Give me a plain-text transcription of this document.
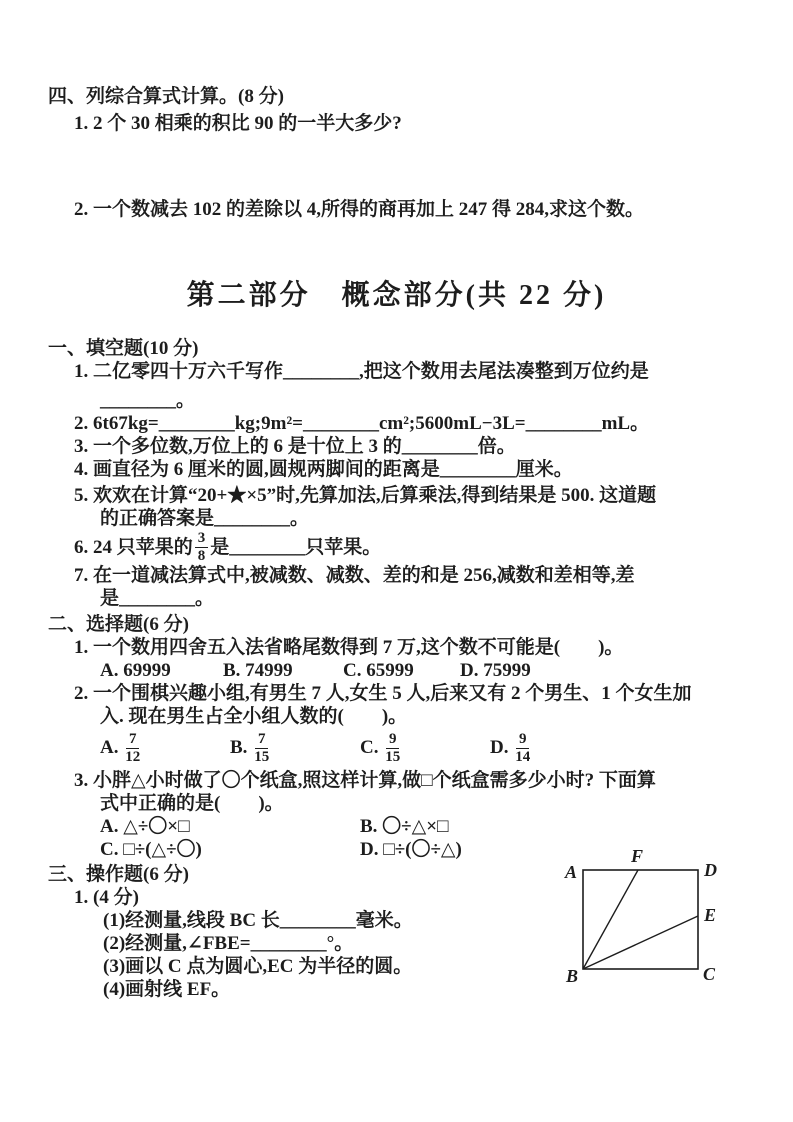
四、列综合算式计算。(8 分)
1. 2 个 30 相乘的积比 90 的一半大多少?
2. 一个数减去 102 的差除以 4,所得的商再加上 247 得 284,求这个数。
第二部分　概念部分(共 22 分)
一、填空题(10 分)
1. 二亿零四十万六千写作________,把这个数用去尾法凑整到万位约是
________。
2. 6t67kg=________kg;9m²=________cm²;5600mL−3L=________mL。
3. 一个多位数,万位上的 6 是十位上 3 的________倍。
4. 画直径为 6 厘米的圆,圆规两脚间的距离是________厘米。
5. 欢欢在计算“20+★×5”时,先算加法,后算乘法,得到结果是 500. 这道题
的正确答案是________。
6. 24 只苹果的 $\frac{3}{8}$ 是________只苹果。
7. 在一道减法算式中,被减数、减数、差的和是 256,减数和差相等,差
是________。
二、选择题(6 分)
1. 一个数用四舍五入法省略尾数得到 7 万,这个数不可能是(　　)。
A. 69999	B. 74999	C. 65999	D. 75999
2. 一个围棋兴趣小组,有男生 7 人,女生 5 人,后来又有 2 个男生、1 个女生加
入. 现在男生占全小组人数的(　　)。
A.
$\frac{7}{12}$	B.
$\frac{7}{15}$	C.
$\frac{9}{15}$	D.
$\frac{9}{14}$
3. 小胖△小时做了〇个纸盒,照这样计算,做□个纸盒需多少小时? 下面算
式中正确的是(　　)。
A. △÷〇×□	B. 〇÷△×□
C. □÷(△÷〇)	D. □÷(〇÷△)
三、操作题(6 分)
1. (4 分)
(1)经测量,线段 BC 长________毫米。
(2)经测量,∠FBE=________°。
(3)画以 C 点为圆心,EC 为半径的圆。
(4)画射线 EF。
A
F
D
E
B	C
